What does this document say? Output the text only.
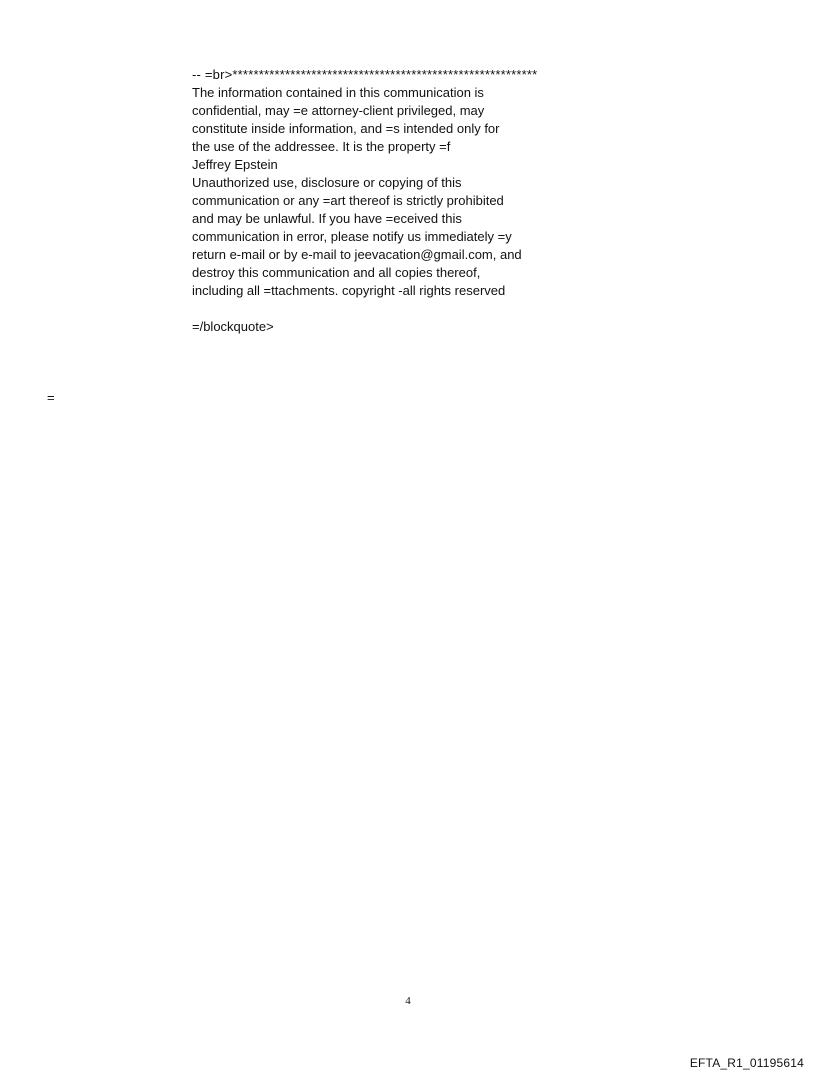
-- =br>**********************************************************
The information contained in this communication is
confidential, may =e attorney-client privileged, may
constitute inside information, and =s intended only for
the use of the addressee. It is the property =f
Jeffrey Epstein
Unauthorized use, disclosure or copying of this
communication or any =art thereof is strictly prohibited
and may be unlawful. If you have =eceived this
communication in error, please notify us immediately =y
return e-mail or by e-mail to jeevacation@gmail.com, and
destroy this communication and all copies thereof,
including all =ttachments. copyright -all rights reserved
=/blockquote>
=
4
EFTA_R1_01195614
